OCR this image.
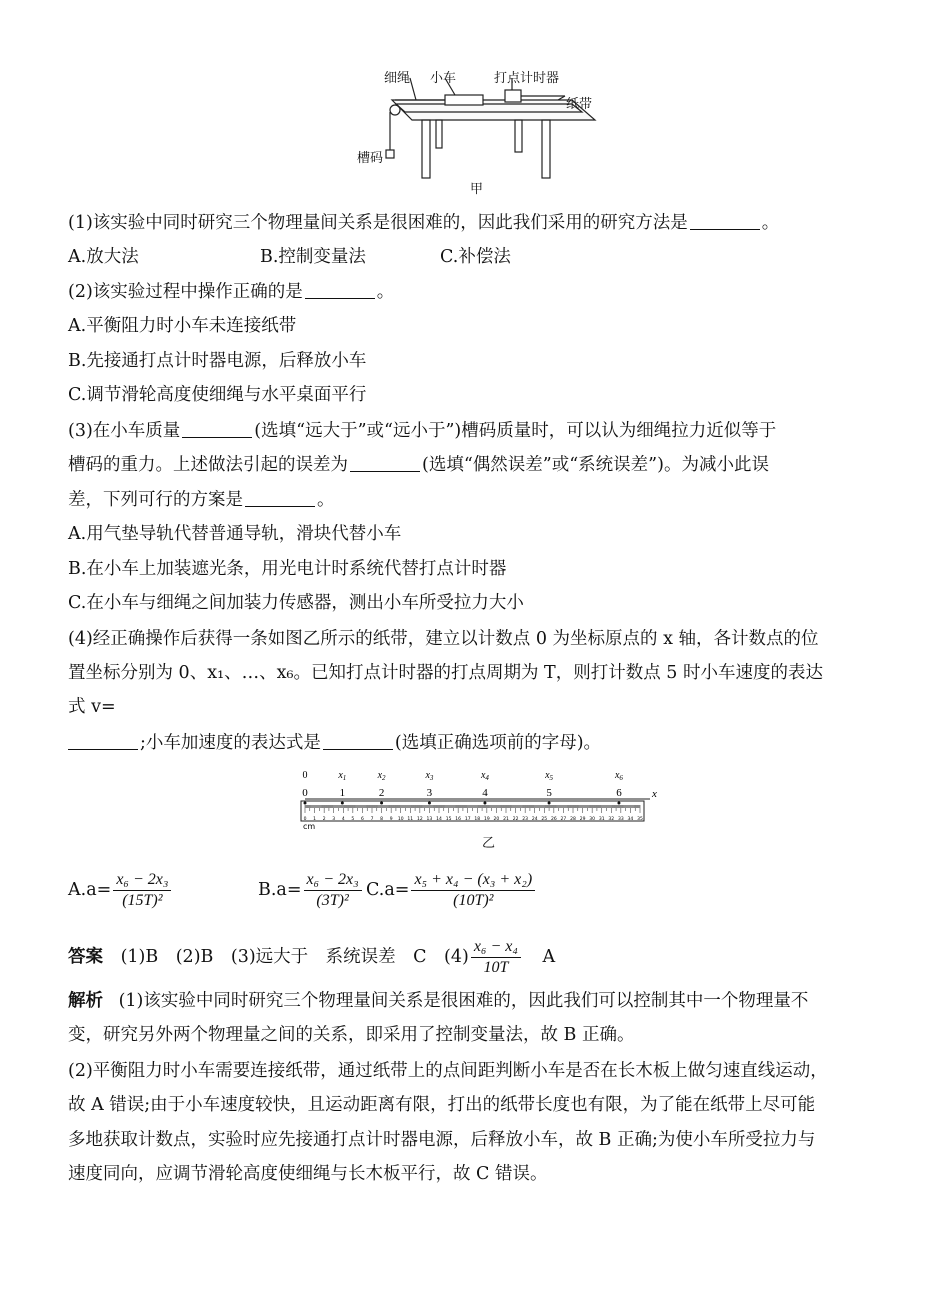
细绳 小车	打点计时器
纸带
槽码
甲
(1)该实验中同时研究三个物理量间关系是很困难的，因此我们采用的研究方法是	。
A.放大法	B.控制变量法	C.补偿法
(2)该实验过程中操作正确的是	。
A.平衡阻力时小车未连接纸带
B.先接通打点计时器电源，后释放小车
C.调节滑轮高度使细绳与水平桌面平行
(3)在小车质量	(选填“远大于”或“远小于”)槽码质量时，可以认为细绳拉力近似等于
槽码的重力。上述做法引起的误差为	(选填“偶然误差”或“系统误差”)。为减小此误
差，下列可行的方案是	。
A.用气垫导轨代替普通导轨，滑块代替小车
B.在小车上加装遮光条，用光电计时系统代替打点计时器
C.在小车与细绳之间加装力传感器，测出小车所受拉力大小
(4)经正确操作后获得一条如图乙所示的纸带，建立以计数点 0 为坐标原点的 x 轴，各计数点的位
置坐标分别为 0、x₁、…、x₆。已知打点计时器的打点周期为 T，则打计数点 5 时小车速度的表达
式 v=
;小车加速度的表达式是	(选填正确选项前的字母)。
x
0 1 2 3 4 5 6 7 8 9 10 11 12 13 14 15 16 17 18 19 20 21 22 23 24 25 26 27 28 29 30 31 32 33 34 35
cm
0
0
1
$x_1$
2
$x_2$
3
$x_3$
4
$x_4$
5
$x_5$
6
$x_6$
乙
$A.a= \frac{\text{x₆ − 2x₃}}{\text{(15T)²}}$	$B.a= \frac{\text{x₆ − 2x₃}}{\text{(3T)²}} C.a= \frac{\text{x₅ + x₄ − (x₃ + x₂)}}{\text{(10T)²}}$
答案 (1)B　(2)B　(3)远大于　系统误差　C　$(4) \frac{\text{x₆ − x₄}}{10T}$ A
解析 (1)该实验中同时研究三个物理量间关系是很困难的，因此我们可以控制其中一个物理量不
变，研究另外两个物理量之间的关系，即采用了控制变量法，故 B 正确。
(2)平衡阻力时小车需要连接纸带，通过纸带上的点间距判断小车是否在长木板上做匀速直线运动，
故 A 错误;由于小车速度较快，且运动距离有限，打出的纸带长度也有限，为了能在纸带上尽可能
多地获取计数点，实验时应先接通打点计时器电源，后释放小车，故 B 正确;为使小车所受拉力与
速度同向，应调节滑轮高度使细绳与长木板平行，故 C 错误。
